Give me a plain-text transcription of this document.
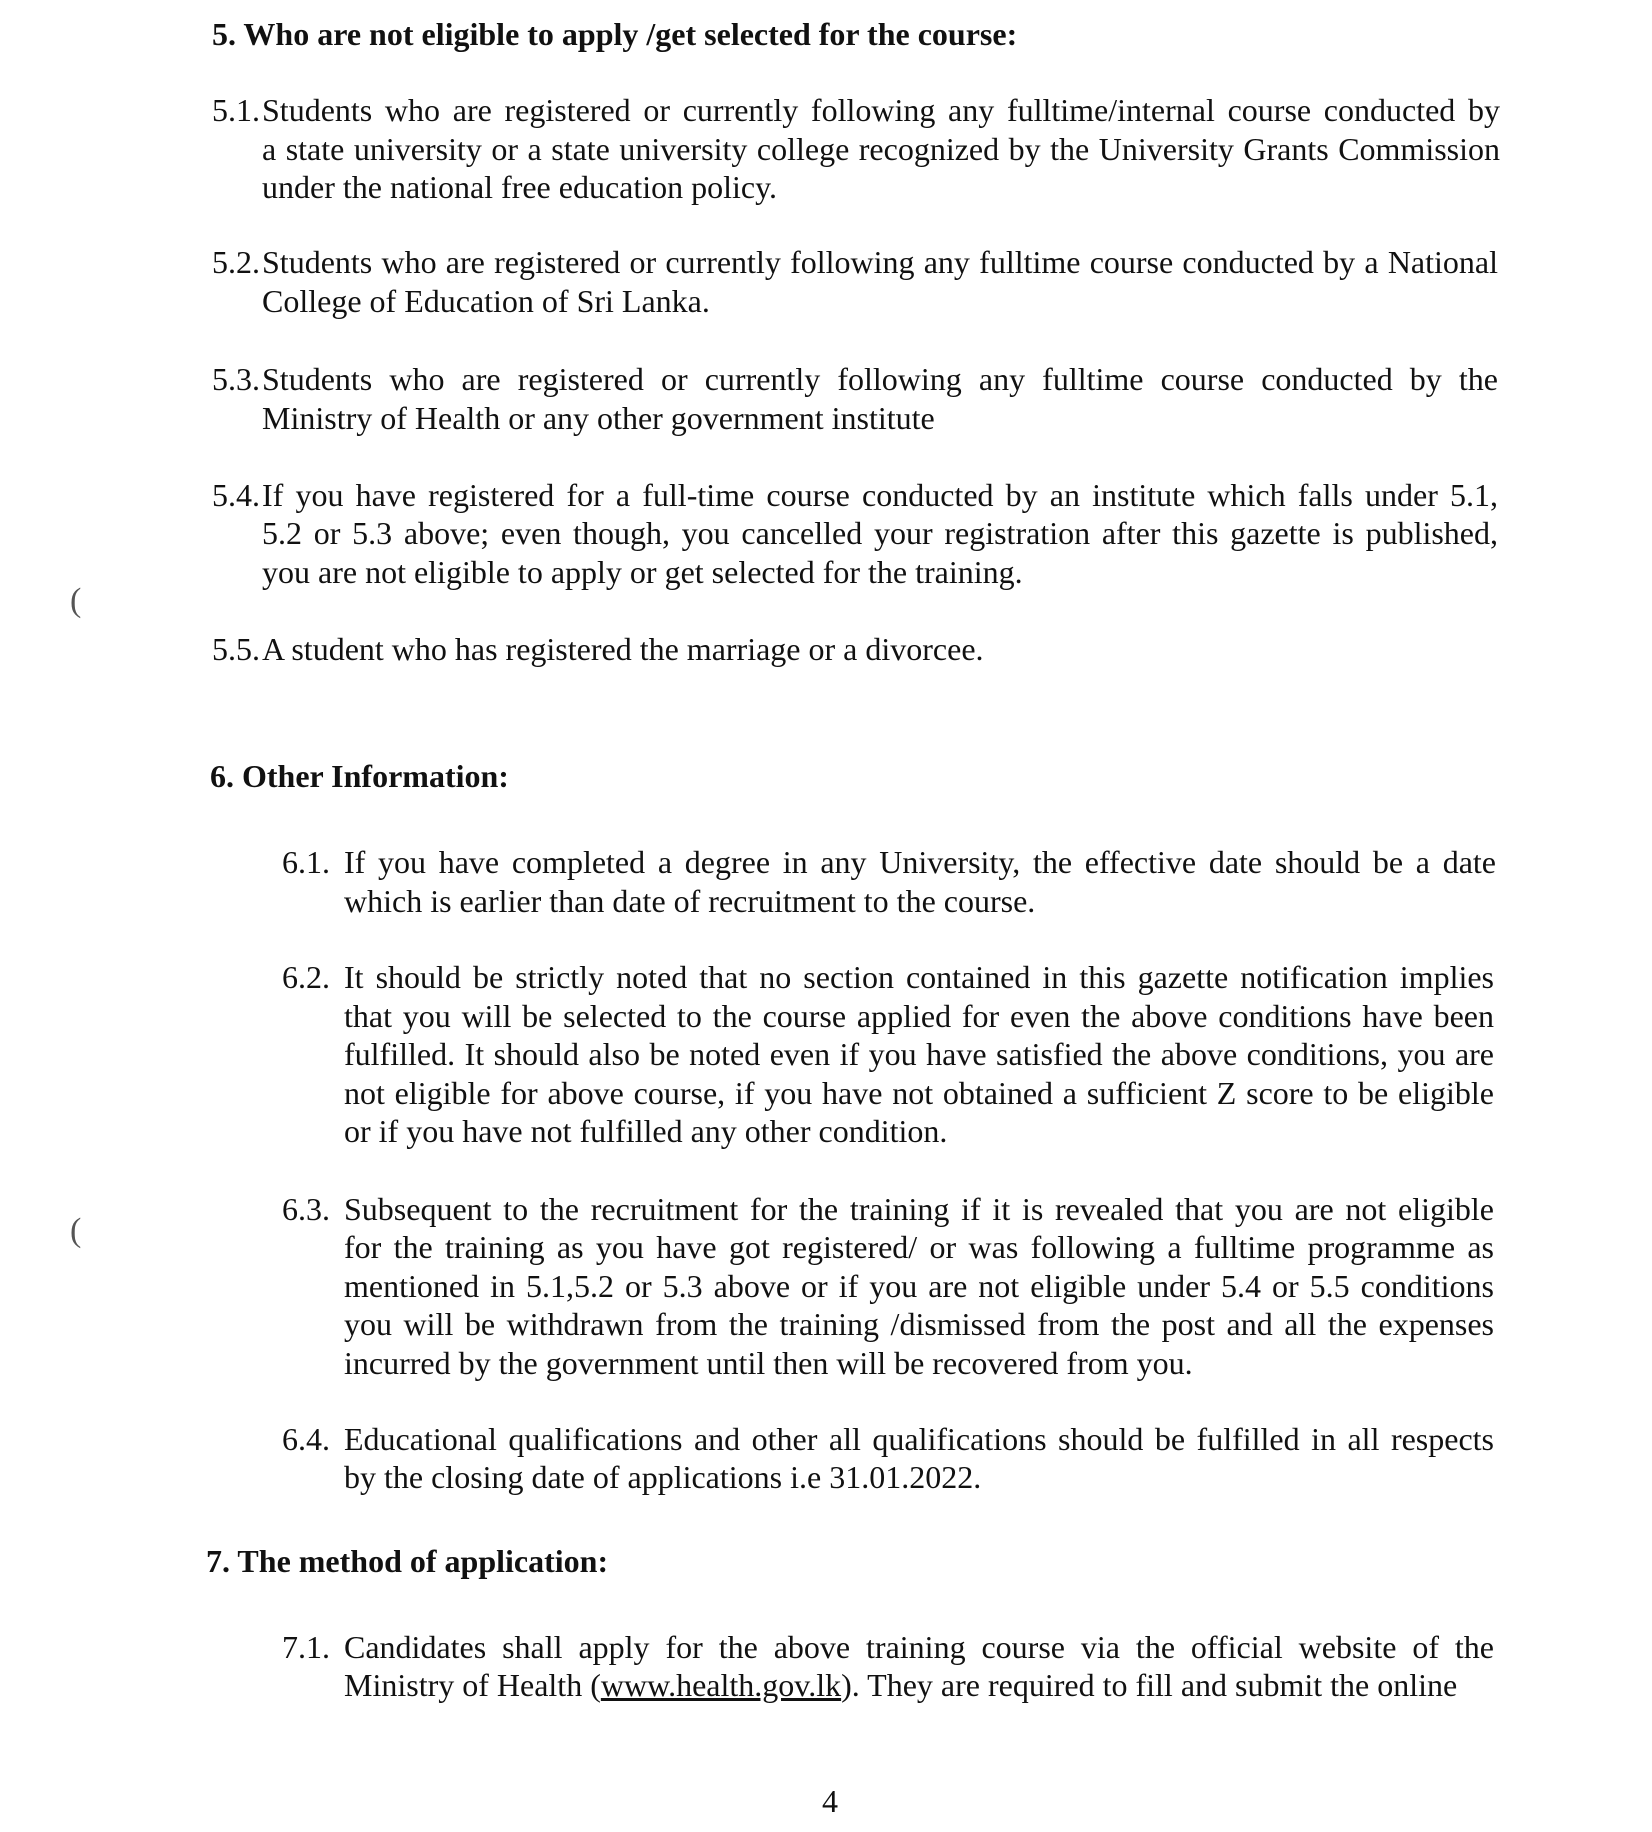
5. Who are not eligible to apply /get selected for the course:
5.1. Students who are registered or currently following any fulltime/internal course conducted by
a state university or a state university college recognized by the University Grants Commission
under the national free education policy.
5.2. Students who are registered or currently following any fulltime course conducted by a National
College of Education of Sri Lanka.
5.3. Students who are registered or currently following any fulltime course conducted by the
Ministry of Health or any other government institute
5.4. If you have registered for a full-time course conducted by an institute which falls under 5.1,
5.2 or 5.3 above; even though, you cancelled your registration after this gazette is published,
you are not eligible to apply or get selected for the training.
5.5. A student who has registered the marriage or a divorcee.
6. Other Information:
6.1. If you have completed a degree in any University, the effective date should be a date
which is earlier than date of recruitment to the course.
6.2. It should be strictly noted that no section contained in this gazette notification implies
that you will be selected to the course applied for even the above conditions have been
fulfilled. It should also be noted even if you have satisfied the above conditions, you are
not eligible for above course, if you have not obtained a sufficient Z score to be eligible
or if you have not fulfilled any other condition.
6.3. Subsequent to the recruitment for the training if it is revealed that you are not eligible
for the training as you have got registered/ or was following a fulltime programme as
mentioned in 5.1,5.2 or 5.3 above or if you are not eligible under 5.4 or 5.5 conditions
you will be withdrawn from the training /dismissed from the post and all the expenses
incurred by the government until then will be recovered from you.
6.4. Educational qualifications and other all qualifications should be fulfilled in all respects
by the closing date of applications i.e 31.01.2022.
7. The method of application:
7.1. Candidates shall apply for the above training course via the official website of the
Ministry of Health (www.health.gov.lk). They are required to fill and submit the online
4
(
(
